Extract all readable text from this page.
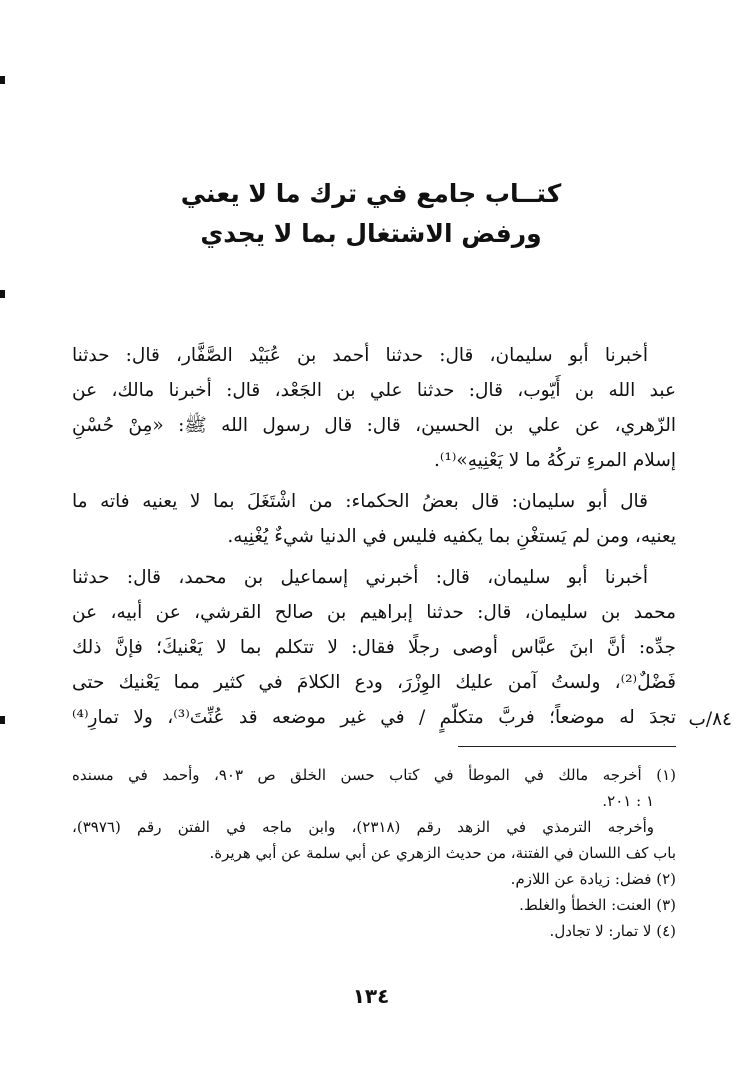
كتــاب جامع في ترك ما لا يعني
ورفض الاشتغال بما لا يجدي
أخبرنا أبو سليمان، قال: حدثنا أحمد بن عُبَيْد الصَّفَّار، قال: حدثنا
عبد الله بن أَيّوب، قال: حدثنا علي بن الجَعْد، قال: أخبرنا مالك، عن
الزّهري، عن علي بن الحسين، قال: قال رسول الله ﷺ: «مِنْ حُسْنِ
إسلام المرءِ تركُهُ ما لا يَعْنِيهِ»⁽¹⁾.
قال أبو سليمان: قال بعضُ الحكماء: من اشْتَغَلَ بما لا يعنيه فاته ما
يعنيه، ومن لم يَستغْنِ بما يكفيه فليس في الدنيا شيءٌ يُغْنِيه.
أخبرنا أبو سليمان، قال: أخبرني إسماعيل بن محمد، قال: حدثنا
محمد بن سليمان، قال: حدثنا إبراهيم بن صالح القرشي، عن أبيه، عن
جدِّه: أنَّ ابنَ عبَّاس أوصى رجلًا فقال: لا تتكلم بما لا يَعْنيكَ؛ فإنَّ ذلك
فَضْلٌ⁽²⁾، ولستُ آمن عليك الوِزْرَ، ودع الكلامَ في كثير مما يَعْنيك حتى
تجدَ له موضعاً؛ فربَّ متكلّمٍ / في غير موضعه قد عُنِّتَ⁽³⁾، ولا تمارِ⁽⁴⁾ ٨٤/ب
(١) أخرجه مالك في الموطأ في كتاب حسن الخلق ص ٩٠٣، وأحمد في مسنده
١ : ٢٠١.
وأخرجه الترمذي في الزهد رقم (٢٣١٨)، وابن ماجه في الفتن رقم (٣٩٧٦)،
باب كف اللسان في الفتنة، من حديث الزهري عن أبي سلمة عن أبي هريرة.
(٢) فضل: زيادة عن اللازم.
(٣) العنت: الخطأ والغلط.
(٤) لا تمار: لا تجادل.
١٣٤
